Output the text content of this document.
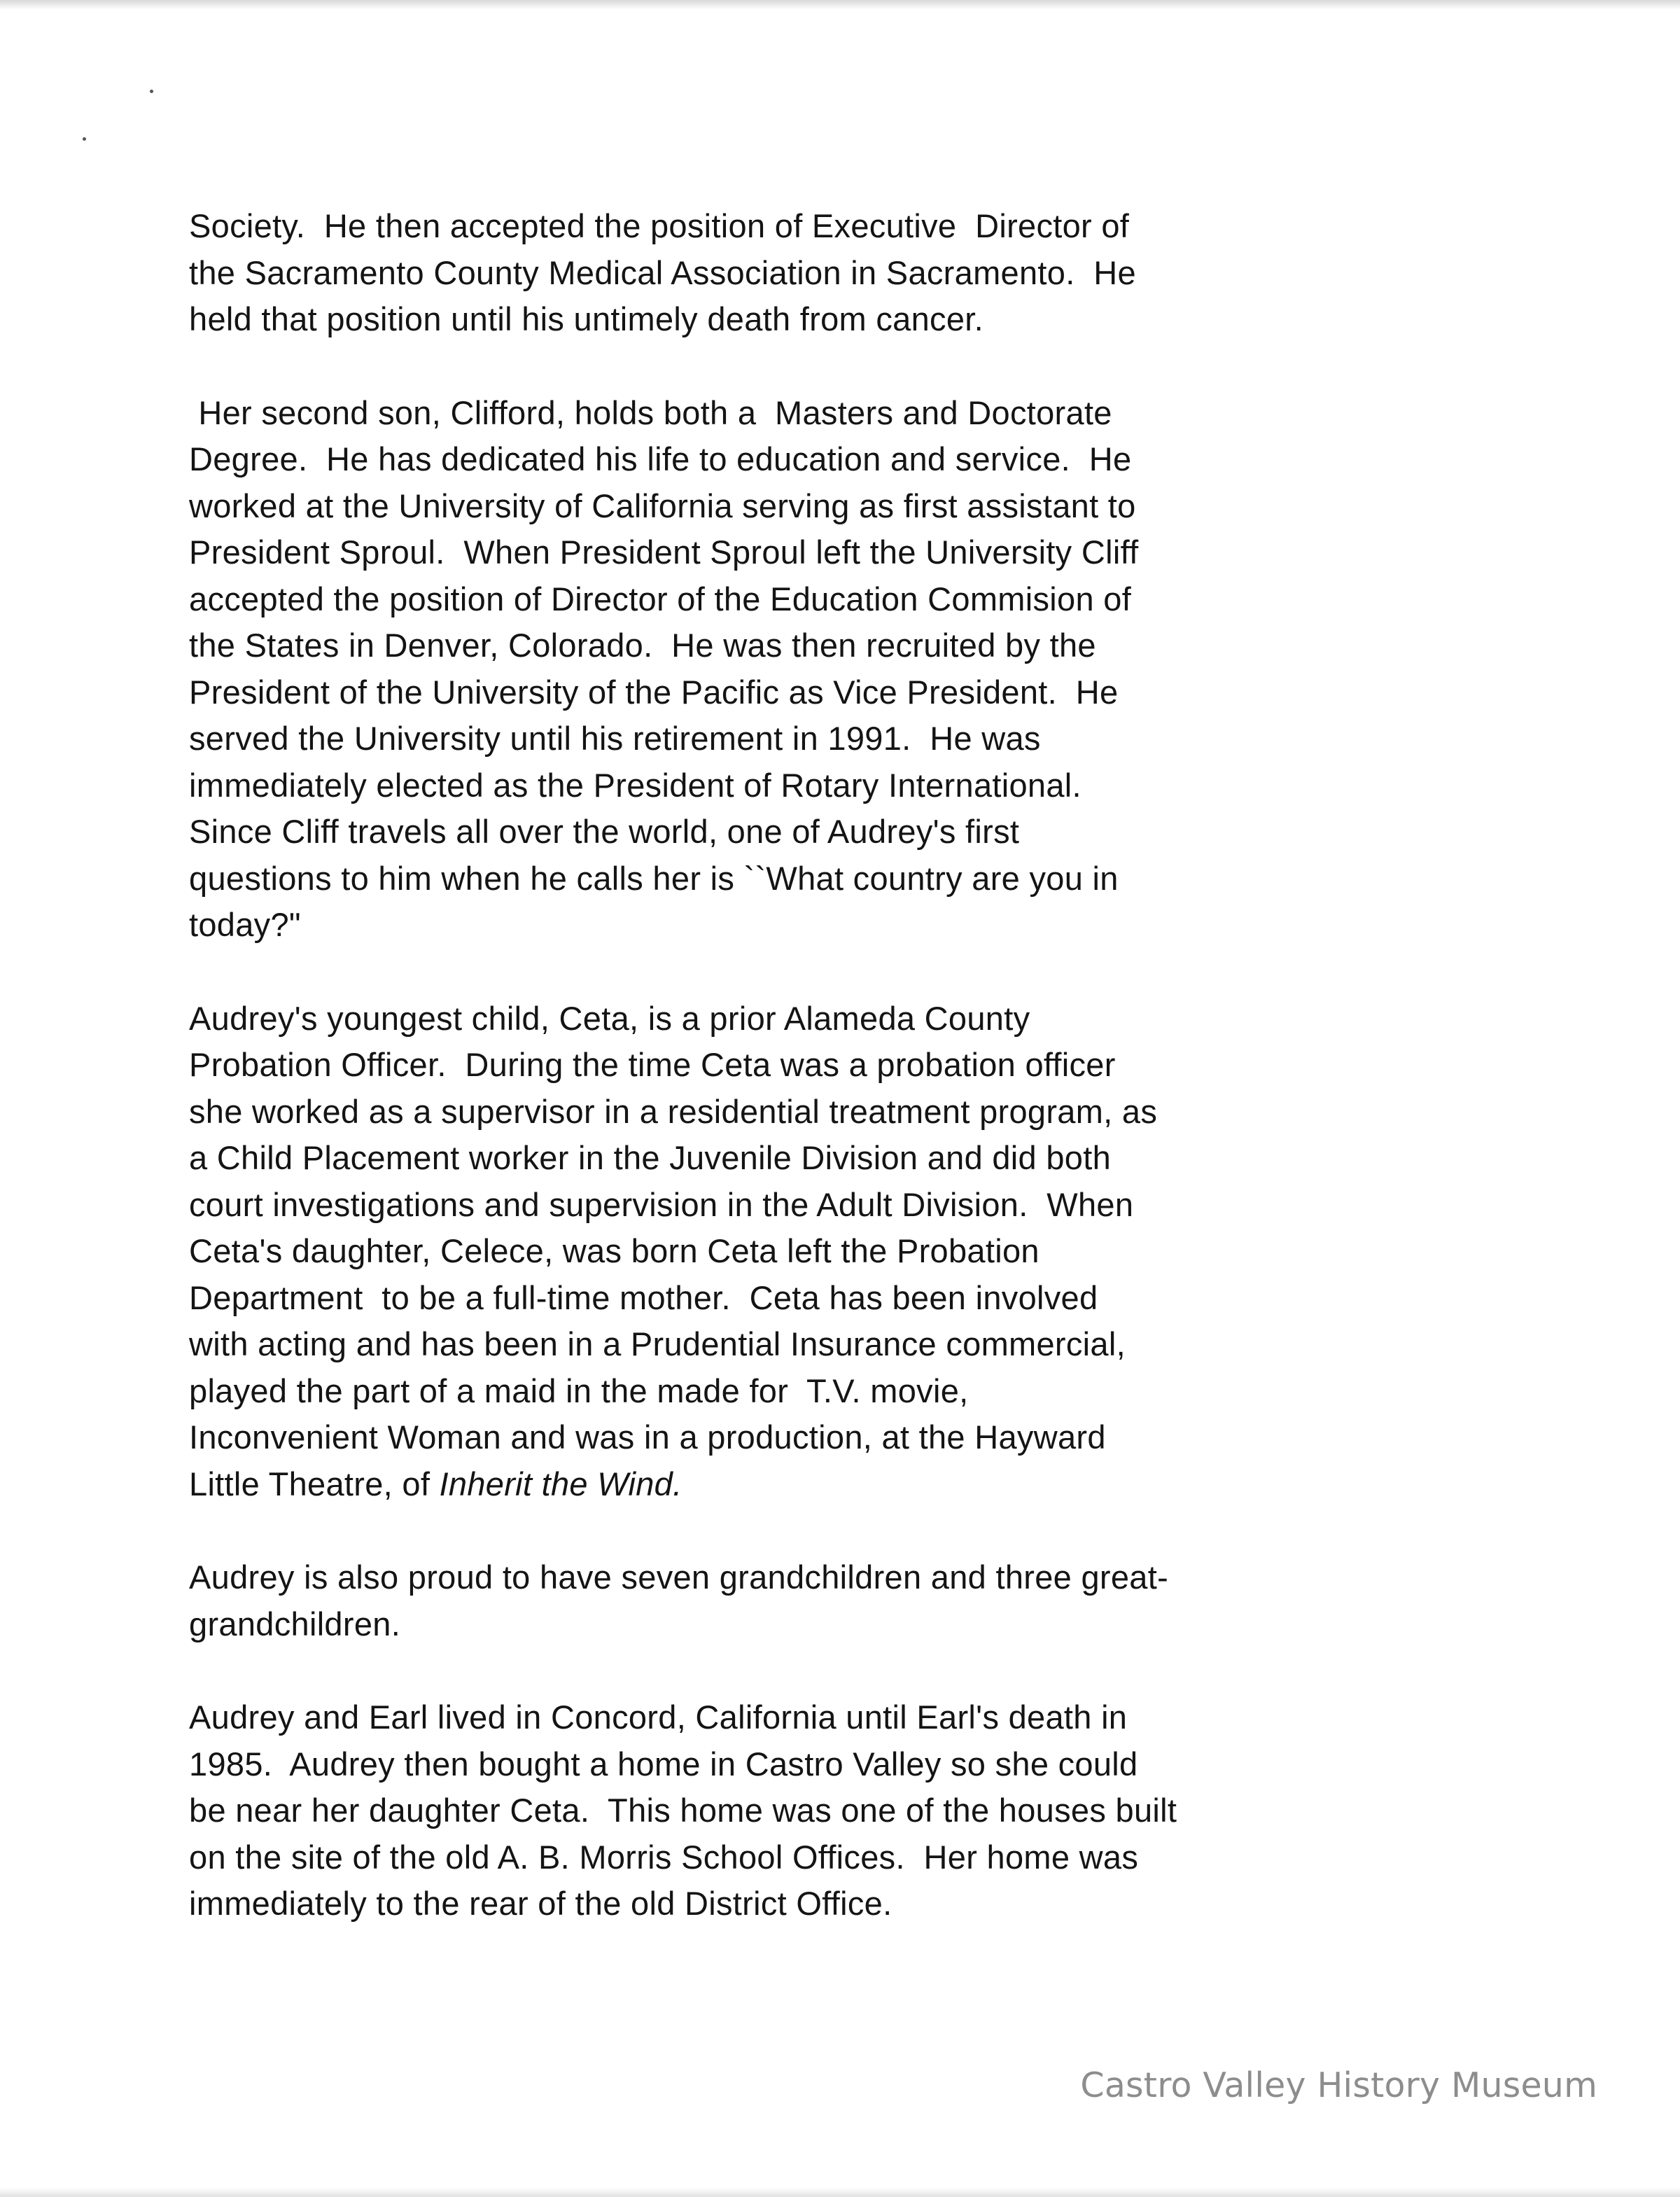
Society.  He then accepted the position of Executive  Director of
the Sacramento County Medical Association in Sacramento.  He
held that position until his untimely death from cancer.
Her second son, Clifford, holds both a  Masters and Doctorate
Degree.  He has dedicated his life to education and service.  He
worked at the University of California serving as first assistant to
President Sproul.  When President Sproul left the University Cliff
accepted the position of Director of the Education Commision of
the States in Denver, Colorado.  He was then recruited by the
President of the University of the Pacific as Vice President.  He
served the University until his retirement in 1991.  He was
immediately elected as the President of Rotary International.
Since Cliff travels all over the world, one of Audrey's first
questions to him when he calls her is ``What country are you in
today?"
Audrey's youngest child, Ceta, is a prior Alameda County
Probation Officer.  During the time Ceta was a probation officer
she worked as a supervisor in a residential treatment program, as
a Child Placement worker in the Juvenile Division and did both
court investigations and supervision in the Adult Division.  When
Ceta's daughter, Celece, was born Ceta left the Probation
Department  to be a full-time mother.  Ceta has been involved
with acting and has been in a Prudential Insurance commercial,
played the part of a maid in the made for  T.V. movie,
Inconvenient Woman and was in a production, at the Hayward
Little Theatre, of Inherit the Wind.
Audrey is also proud to have seven grandchildren and three great-
grandchildren.
Audrey and Earl lived in Concord, California until Earl's death in
1985.  Audrey then bought a home in Castro Valley so she could
be near her daughter Ceta.  This home was one of the houses built
on the site of the old A. B. Morris School Offices.  Her home was
immediately to the rear of the old District Office.
Castro Valley History Museum
